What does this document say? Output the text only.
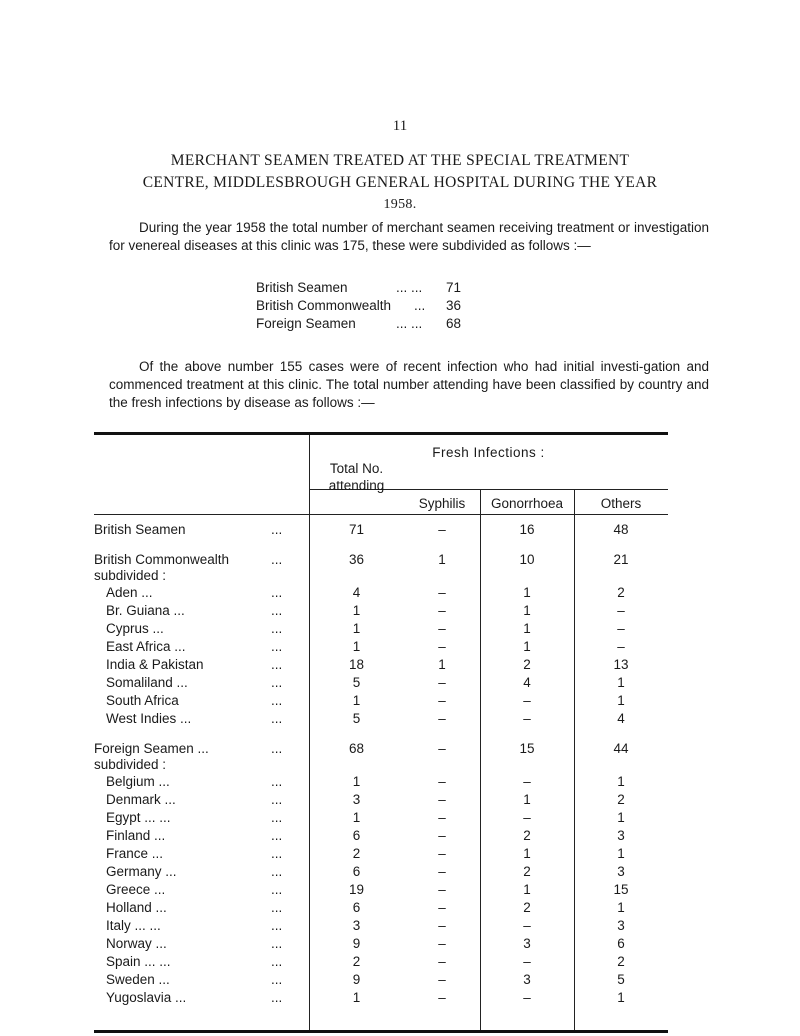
11
MERCHANT SEAMEN TREATED AT THE SPECIAL TREATMENT
CENTRE, MIDDLESBROUGH GENERAL HOSPITAL DURING THE YEAR
1958.
During the year 1958 the total number of merchant seamen receiving treatment or investigation for venereal diseases at this clinic was 175, these were subdivided as follows :—
British Seamen	... ...	71
British Commonwealth	...	36
Foreign Seamen	... ...	68
Of the above number 155 cases were of recent infection who had initial investi-gation and commenced treatment at this clinic. The total number attending have been classified by country and the fresh infections by disease as follows :—
Total No. attending
Fresh Infections :
Syphilis	Gonorrhoea	Others
British Seamen	...	71	–	16	48
British Commonwealth	...	36	1	10	21
subdivided :
Aden ...	...	4	–	1	2
Br. Guiana ...	...	1	–	1	–
Cyprus ...	...	1	–	1	–
East Africa ...	...	1	–	1	–
India & Pakistan	...	18	1	2	13
Somaliland ...	...	5	–	4	1
South Africa	...	1	–	–	1
West Indies ...	...	5	–	–	4
Foreign Seamen ...	...	68	–	15	44
subdivided :
Belgium ...	...	1	–	–	1
Denmark ...	...	3	–	1	2
Egypt ... ...	...	1	–	–	1
Finland ...	...	6	–	2	3
France ...	...	2	–	1	1
Germany ...	...	6	–	2	3
Greece ...	...	19	–	1	15
Holland ...	...	6	–	2	1
Italy ... ...	...	3	–	–	3
Norway ...	...	9	–	3	6
Spain ... ...	...	2	–	–	2
Sweden ...	...	9	–	3	5
Yugoslavia ...	...	1	–	–	1
